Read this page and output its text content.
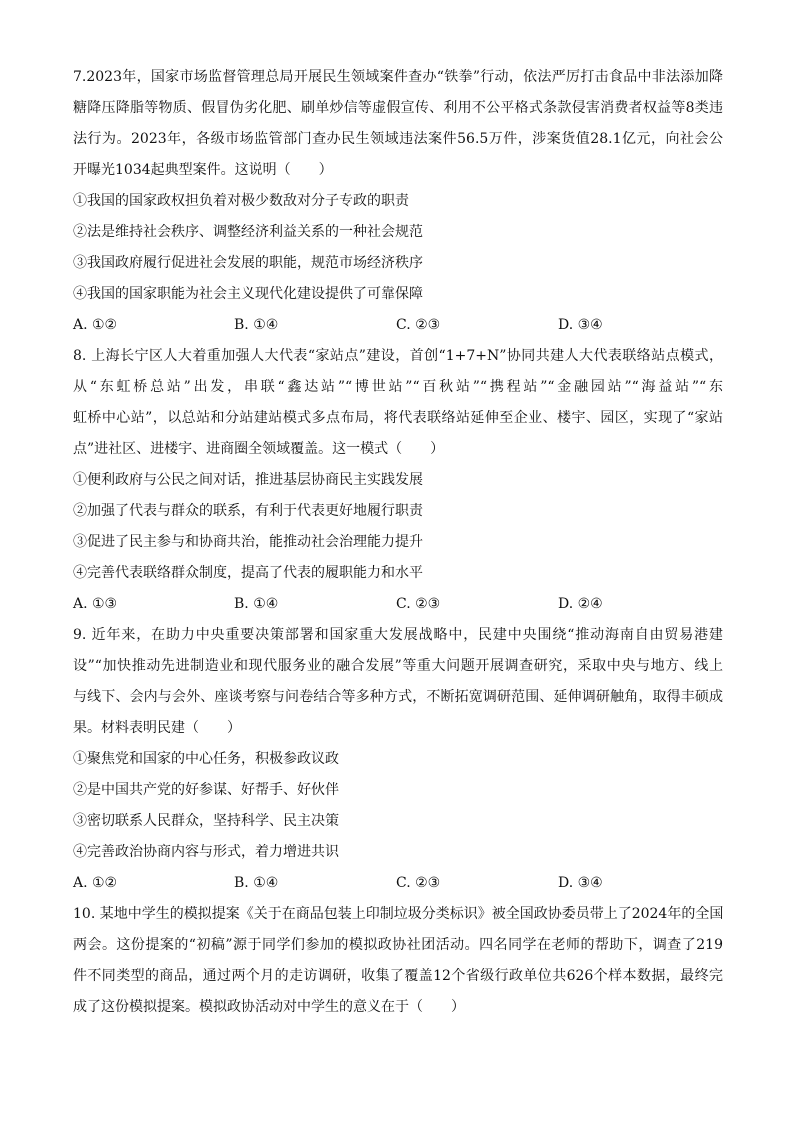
7.2023年，国家市场监督管理总局开展民生领域案件查办“铁拳”行动，依法严厉打击食品中非法添加降
糖降压降脂等物质、假冒伪劣化肥、刷单炒信等虚假宣传、利用不公平格式条款侵害消费者权益等8类违
法行为。2023年，各级市场监管部门查办民生领域违法案件56.5万件，涉案货值28.1亿元，向社会公
开曝光1034起典型案件。这说明（　　）
①我国的国家政权担负着对极少数敌对分子专政的职责
②法是维持社会秩序、调整经济利益关系的一种社会规范
③我国政府履行促进社会发展的职能，规范市场经济秩序
④我国的国家职能为社会主义现代化建设提供了可靠保障
A. ①②	B. ①④	C. ②③	D. ③④
8. 上海长宁区人大着重加强人大代表“家站点”建设，首创“1+7+N”协同共建人大代表联络站点模式，
从“东虹桥总站”出发，串联“鑫达站”“博世站”“百秋站”“携程站”“金融园站”“海益站”“东
虹桥中心站”，以总站和分站建站模式多点布局，将代表联络站延伸至企业、楼宇、园区，实现了“家站
点”进社区、进楼宇、进商圈全领域覆盖。这一模式（　　）
①便利政府与公民之间对话，推进基层协商民主实践发展
②加强了代表与群众的联系，有利于代表更好地履行职责
③促进了民主参与和协商共治，能推动社会治理能力提升
④完善代表联络群众制度，提高了代表的履职能力和水平
A. ①③	B. ①④	C. ②③	D. ②④
9. 近年来，在助力中央重要决策部署和国家重大发展战略中，民建中央围绕“推动海南自由贸易港建
设”“加快推动先进制造业和现代服务业的融合发展”等重大问题开展调查研究，采取中央与地方、线上
与线下、会内与会外、座谈考察与问卷结合等多种方式，不断拓宽调研范围、延伸调研触角，取得丰硕成
果。材料表明民建（　　）
①聚焦党和国家的中心任务，积极参政议政
②是中国共产党的好参谋、好帮手、好伙伴
③密切联系人民群众，坚持科学、民主决策
④完善政治协商内容与形式，着力增进共识
A. ①②	B. ①④	C. ②③	D. ③④
10. 某地中学生的模拟提案《关于在商品包装上印制垃圾分类标识》被全国政协委员带上了2024年的全国
两会。这份提案的“初稿”源于同学们参加的模拟政协社团活动。四名同学在老师的帮助下，调查了219
件不同类型的商品，通过两个月的走访调研，收集了覆盖12个省级行政单位共626个样本数据，最终完
成了这份模拟提案。模拟政协活动对中学生的意义在于（　　）
